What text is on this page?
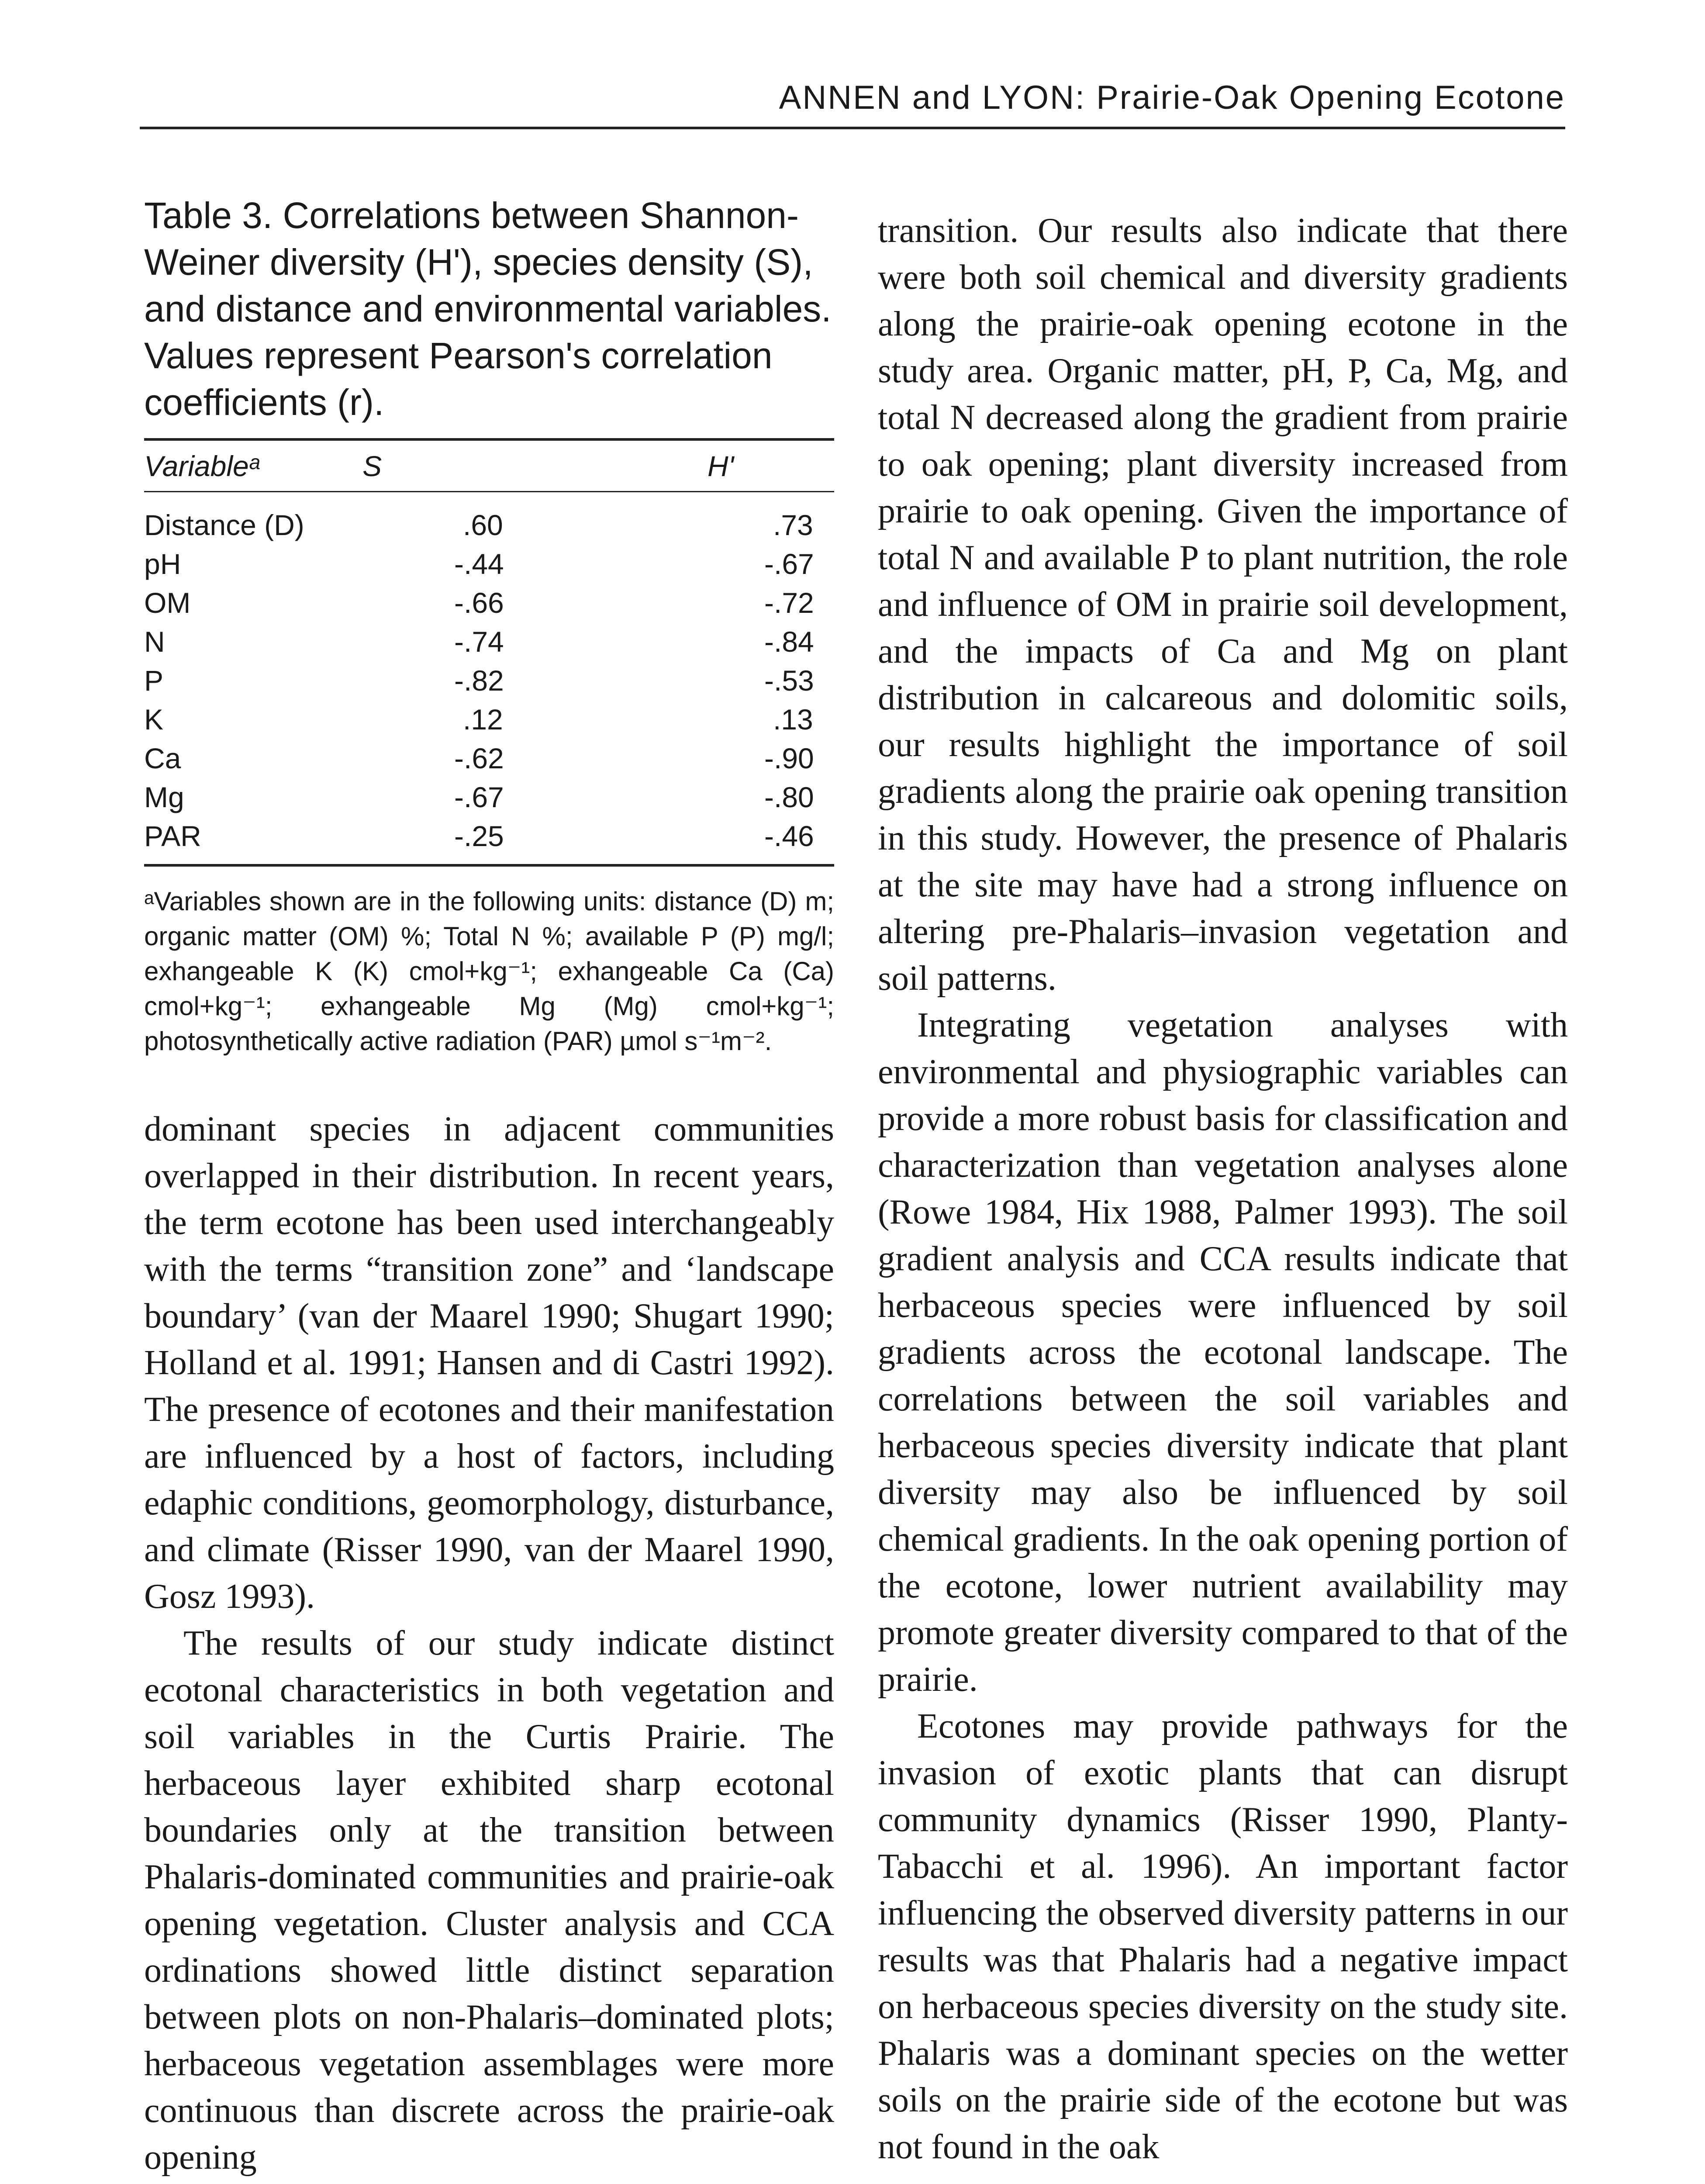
ANNEN and LYON: Prairie-Oak Opening Ecotone

Table 3. Correlations between Shannon-Weiner diversity (H'), species density (S), and distance and environmental variables. Values represent Pearson's correlation coefficients (r).

Variableᵃ	S	H'

Distance (D)	.60	.73
pH	-.44	-.67
OM	-.66	-.72
N	-.74	-.84
P	-.82	-.53
K	.12	.13
Ca	-.62	-.90
Mg	-.67	-.80
PAR	-.25	-.46

ᵃVariables shown are in the following units: distance (D) m; organic matter (OM) %; Total N %; available P (P) mg/l; exhangeable K (K) cmol+kg⁻¹; exhangeable Ca (Ca) cmol+kg⁻¹; exhangeable Mg (Mg) cmol+kg⁻¹; photosynthetically active radiation (PAR) µmol s⁻¹m⁻².

dominant species in adjacent communities overlapped in their distribution. In recent years, the term ecotone has been used interchangeably with the terms “transition zone” and ‘landscape boundary’ (van der Maarel 1990; Shugart 1990; Holland et al. 1991; Hansen and di Castri 1992). The presence of ecotones and their manifestation are influenced by a host of factors, including edaphic conditions, geomorphology, disturbance, and climate (Risser 1990, van der Maarel 1990, Gosz 1993).

The results of our study indicate distinct ecotonal characteristics in both vegetation and soil variables in the Curtis Prairie. The herbaceous layer exhibited sharp ecotonal boundaries only at the transition between Phalaris-dominated communities and prairie-oak opening vegetation. Cluster analysis and CCA ordinations showed little distinct separation between plots on non-Phalaris–dominated plots; herbaceous vegetation assemblages were more continuous than discrete across the prairie-oak opening

transition. Our results also indicate that there were both soil chemical and diversity gradients along the prairie-oak opening ecotone in the study area. Organic matter, pH, P, Ca, Mg, and total N decreased along the gradient from prairie to oak opening; plant diversity increased from prairie to oak opening. Given the importance of total N and available P to plant nutrition, the role and influence of OM in prairie soil development, and the impacts of Ca and Mg on plant distribution in calcareous and dolomitic soils, our results highlight the importance of soil gradients along the prairie oak opening transition in this study. However, the presence of Phalaris at the site may have had a strong influence on altering pre-Phalaris–invasion vegetation and soil patterns.

Integrating vegetation analyses with environmental and physiographic variables can provide a more robust basis for classification and characterization than vegetation analyses alone (Rowe 1984, Hix 1988, Palmer 1993). The soil gradient analysis and CCA results indicate that herbaceous species were influenced by soil gradients across the ecotonal landscape. The correlations between the soil variables and herbaceous species diversity indicate that plant diversity may also be influenced by soil chemical gradients. In the oak opening portion of the ecotone, lower nutrient availability may promote greater diversity compared to that of the prairie.

Ecotones may provide pathways for the invasion of exotic plants that can disrupt community dynamics (Risser 1990, Planty-Tabacchi et al. 1996). An important factor influencing the observed diversity patterns in our results was that Phalaris had a negative impact on herbaceous species diversity on the study site. Phalaris was a dominant species on the wetter soils on the prairie side of the ecotone but was not found in the oak
